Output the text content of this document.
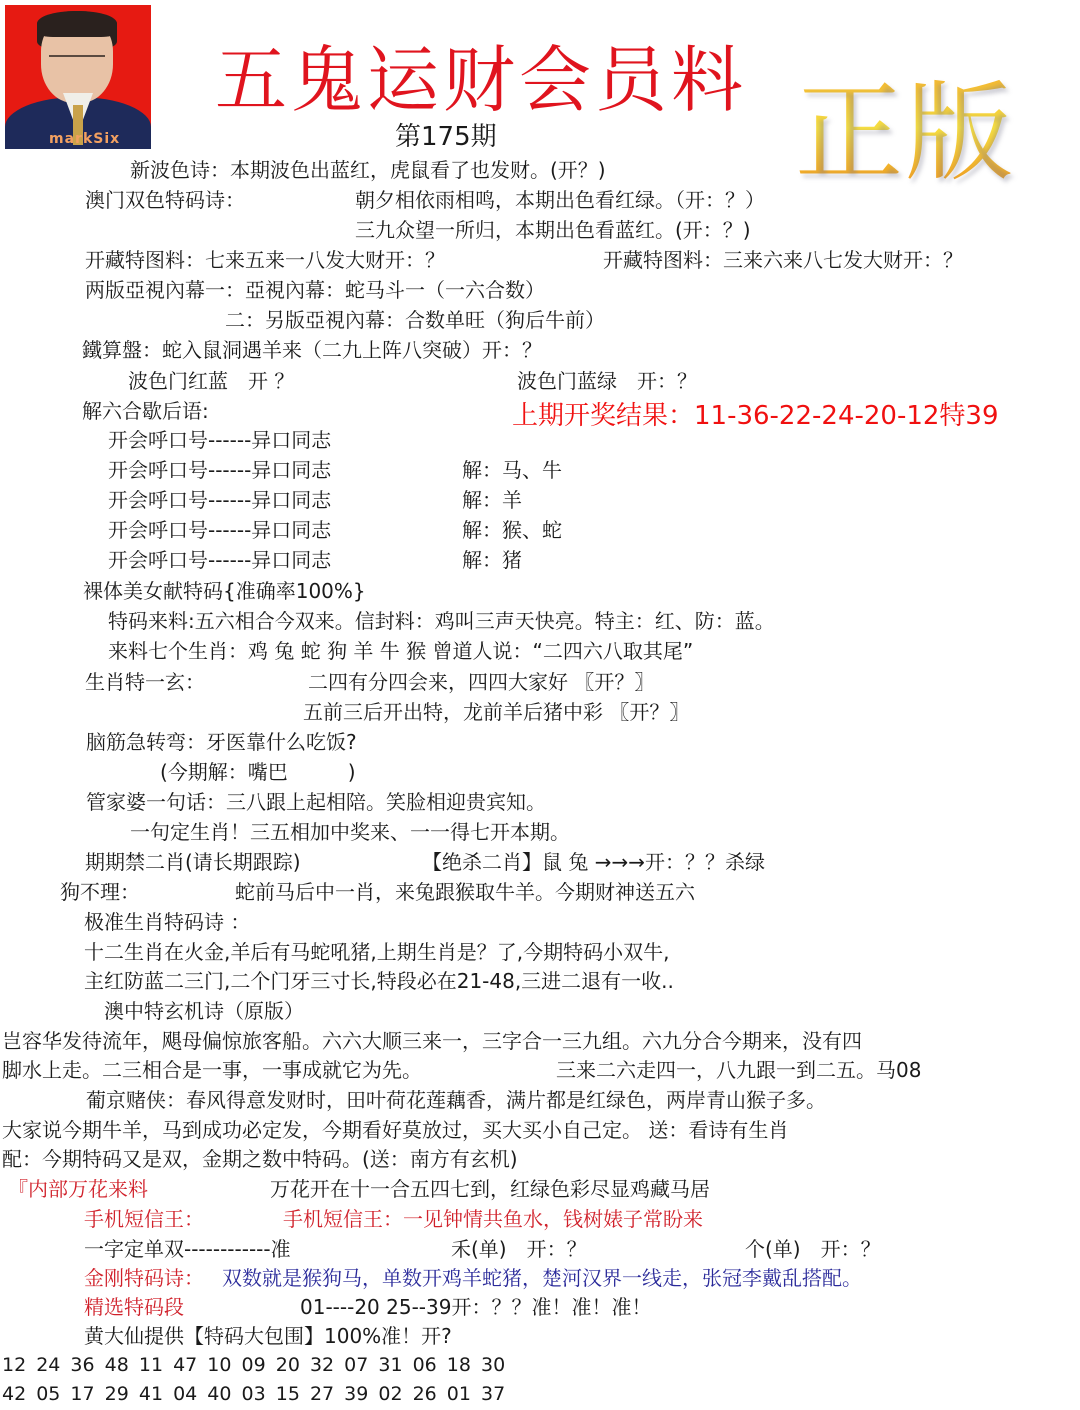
markSix
五鬼运财会员料
第175期	正版
新波色诗：本期波色出蓝红，虎鼠看了也发财。(开？)
澳门双色特码诗：	朝夕相依雨相鸣，本期出色看红绿。（开：？）
三九众望一所归，本期出色看蓝红。(开：？)
开藏特图料：七来五来一八发大财开：？	开藏特图料：三来六来八七发大财开：？
两版亞視內幕一：亞視內幕：蛇马斗一（一六合数）
二：另版亞視內幕：合数单旺（狗后牛前）
鐵算盤：蛇入鼠洞遇羊来（二九上阵八突破）开：？
波色门红蓝　开 ？	波色门蓝绿　开：？
解六合歇后语:	上期开奖结果：11-36-22-24-20-12特39
开会呼口号------异口同志
开会呼口号------异口同志	解：马、牛
开会呼口号------异口同志	解：羊
开会呼口号------异口同志	解：猴、蛇
开会呼口号------异口同志	解：猪
裸体美女献特码{准确率100%}
特码来料:五六相合今双来。信封料：鸡叫三声天快亮。特主：红、防：蓝。
来料七个生肖：鸡 兔 蛇 狗 羊 牛 猴 曾道人说：“二四六八取其尾”
生肖特一玄：	二四有分四会来，四四大家好 〖开？〗
五前三后开出特，龙前羊后猪中彩 〖开？〗
脑筋急转弯：牙医靠什么吃饭?
(今期解：嘴巴　　　)
管家婆一句话：三八跟上起相陪。笑脸相迎贵宾知。
一句定生肖！三五相加中奖来、一一得七开本期。
期期禁二肖(请长期跟踪)	【绝杀二肖】鼠 兔 →→→开：？？杀绿
狗不理：	蛇前马后中一肖，来兔跟猴取牛羊。今期财神送五六
极准生肖特码诗 ：
十二生肖在火金,羊后有马蛇吼猪,上期生肖是？了,今期特码小双牛,
主红防蓝二三门,二个门牙三寸长,特段必在21-48,三进二退有一收..
澳中特玄机诗（原版）
岂容华发待流年，飓母偏惊旅客船。六六大顺三来一，三字合一三九组。六九分合今期来，没有四
脚水上走。二三相合是一事，一事成就它为先。	三来二六走四一，八九跟一到二五。马08
葡京赌侠：春风得意发财时，田叶荷花莲藕香，满片都是红绿色，两岸青山猴子多。
大家说今期牛羊，马到成功必定发，今期看好莫放过，买大买小自己定。 送：看诗有生肖
配：今期特码又是双，金期之数中特码。(送：南方有玄机)
『内部万花来料	万花开在十一合五四七到，红绿色彩尽显鸡藏马居
手机短信王：	手机短信王：一见钟情共鱼水，钱树婊子常盼来
一字定单双------------准	禾(单)　开：？	个(单)　开：？
金刚特码诗： 双数就是猴狗马，单数开鸡羊蛇猪，楚河汉界一线走，张冠李戴乱搭配。
精选特码段	01----20 25--39开：？？准！准！准！
黄大仙提供【特码大包围】100%准！开?
12 24 36 48 11 47 10 09 20 32 07 31 06 18 30
42 05 17 29 41 04 40 03 15 27 39 02 26 01 37
